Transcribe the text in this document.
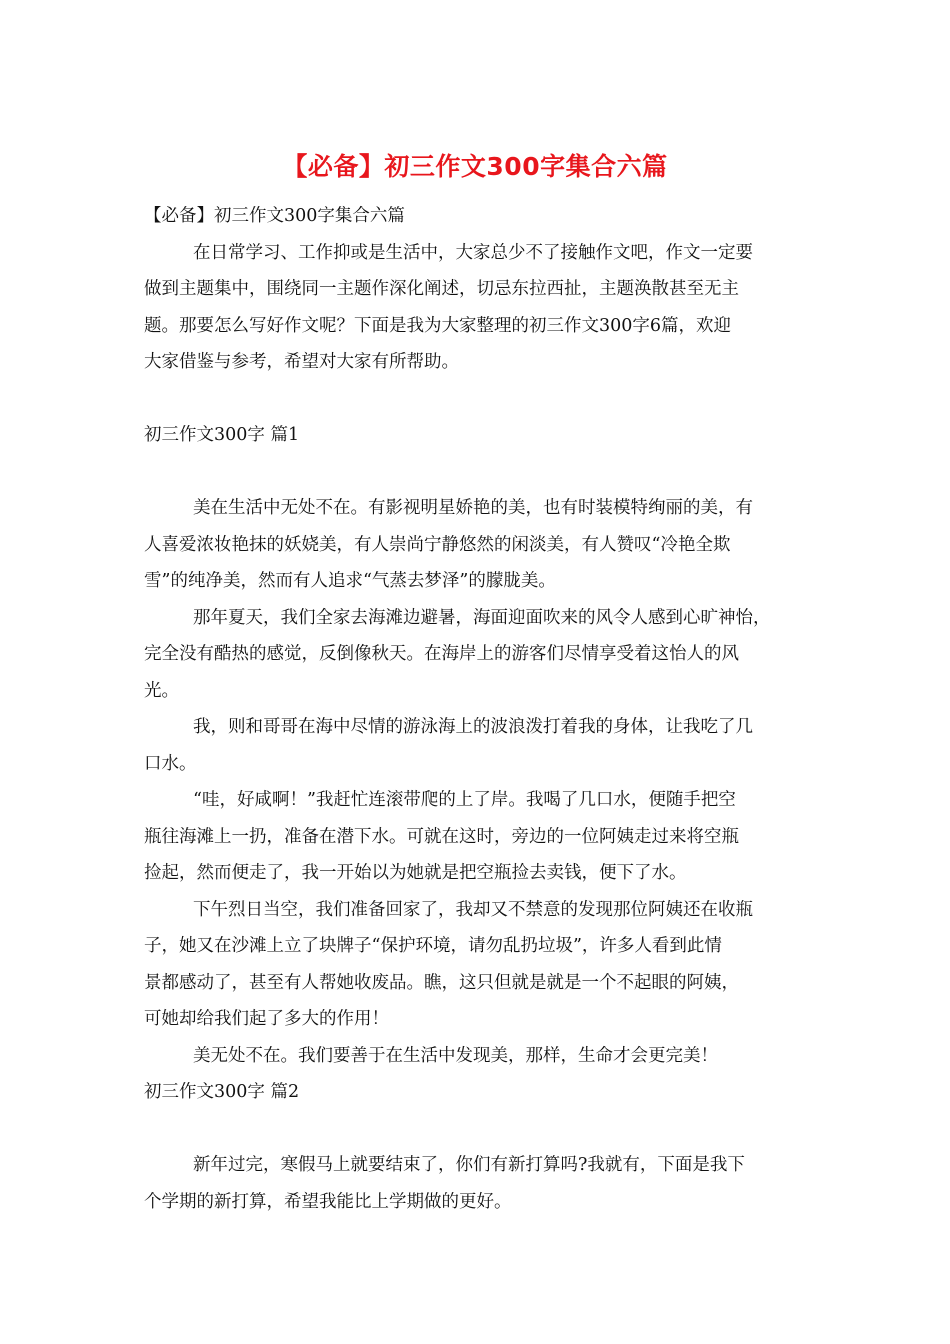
【必备】初三作文300字集合六篇
【必备】初三作文300字集合六篇
在日常学习、工作抑或是生活中，大家总少不了接触作文吧，作文一定要
做到主题集中，围绕同一主题作深化阐述，切忌东拉西扯，主题涣散甚至无主
题。那要怎么写好作文呢？下面是我为大家整理的初三作文300字6篇，欢迎
大家借鉴与参考，希望对大家有所帮助。
初三作文300字 篇1
美在生活中无处不在。有影视明星娇艳的美，也有时装模特绚丽的美，有
人喜爱浓妆艳抹的妖娆美，有人崇尚宁静悠然的闲淡美，有人赞叹“冷艳全欺
雪”的纯净美，然而有人追求“气蒸去梦泽”的朦胧美。
那年夏天，我们全家去海滩边避暑，海面迎面吹来的风令人感到心旷神怡，
完全没有酷热的感觉，反倒像秋天。在海岸上的游客们尽情享受着这怡人的风
光。
我，则和哥哥在海中尽情的游泳海上的波浪泼打着我的身体，让我吃了几
口水。
“哇，好咸啊！”我赶忙连滚带爬的上了岸。我喝了几口水，便随手把空
瓶往海滩上一扔，准备在潜下水。可就在这时，旁边的一位阿姨走过来将空瓶
捡起，然而便走了，我一开始以为她就是把空瓶捡去卖钱，便下了水。
下午烈日当空，我们准备回家了，我却又不禁意的发现那位阿姨还在收瓶
子，她又在沙滩上立了块牌子“保护环境，请勿乱扔垃圾”，许多人看到此情
景都感动了，甚至有人帮她收废品。瞧，这只但就是就是一个不起眼的阿姨，
可她却给我们起了多大的作用！
美无处不在。我们要善于在生活中发现美，那样，生命才会更完美！
初三作文300字 篇2
新年过完，寒假马上就要结束了，你们有新打算吗?我就有，下面是我下
个学期的新打算，希望我能比上学期做的更好。
